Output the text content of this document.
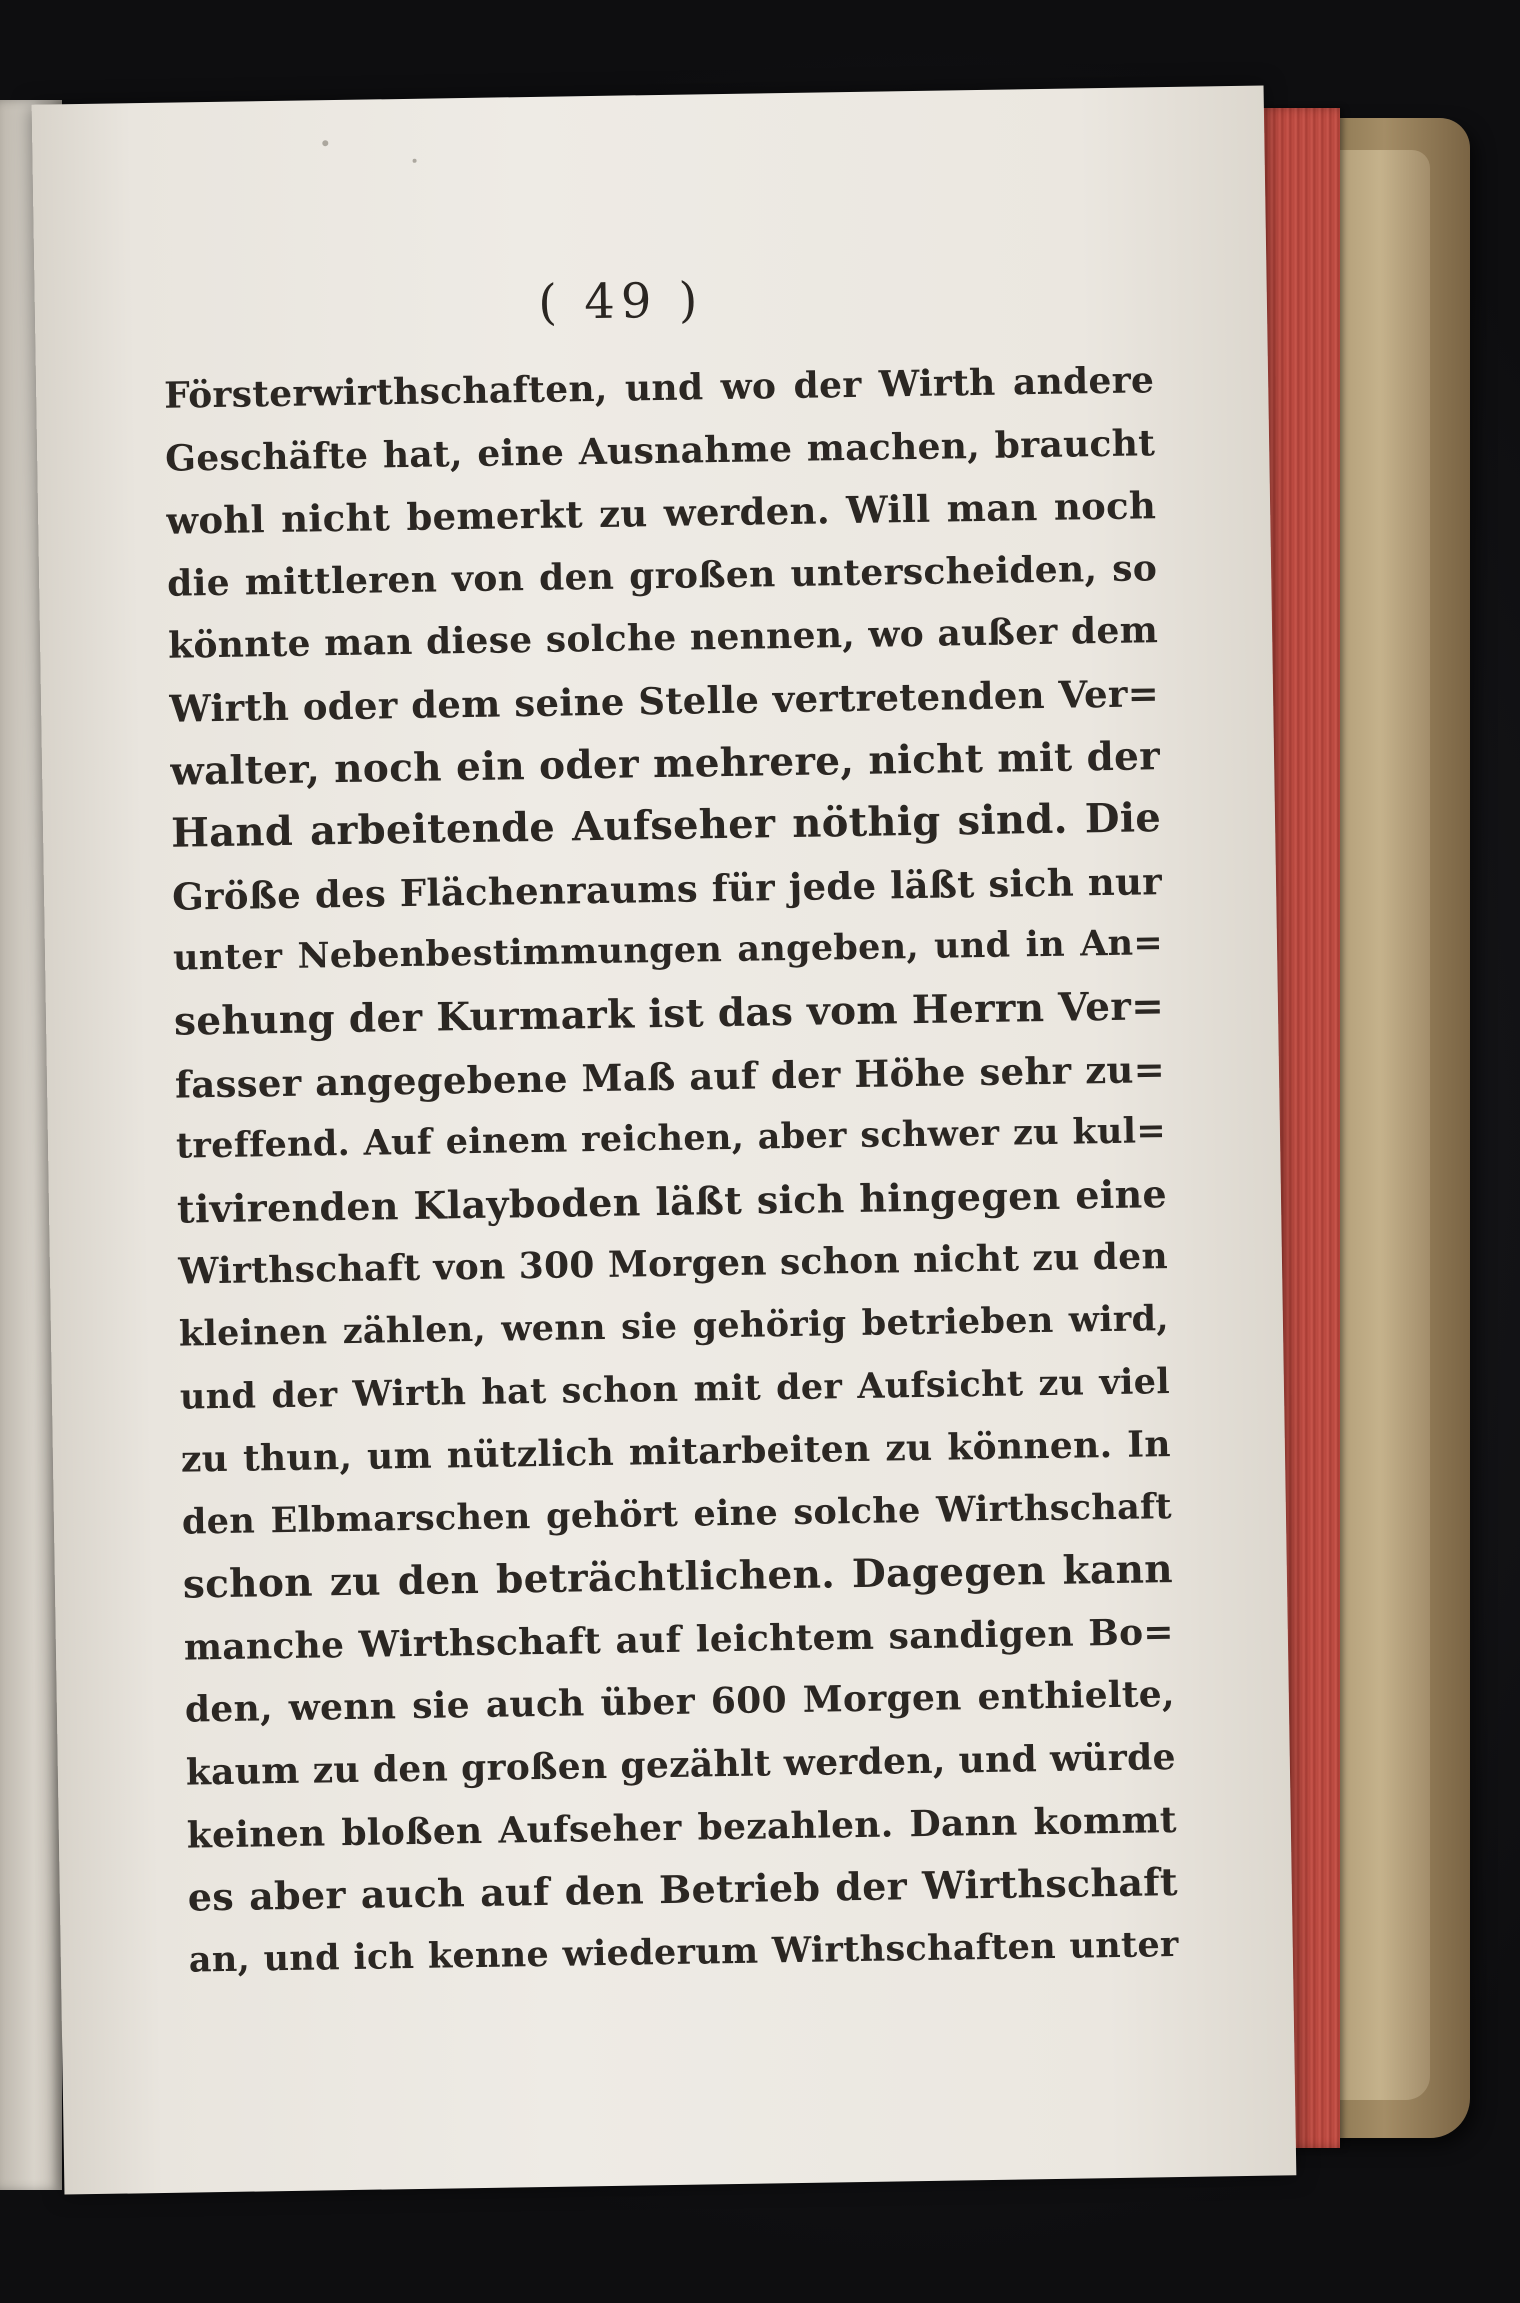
( 49 )
Försterwirthschaften, und wo der Wirth andere
Geschäfte hat, eine Ausnahme machen, braucht
wohl nicht bemerkt zu werden. Will man noch
die mittleren von den großen unterscheiden, so
könnte man diese solche nennen, wo außer dem
Wirth oder dem seine Stelle vertretenden Ver=
walter, noch ein oder mehrere, nicht mit der
Hand arbeitende Aufseher nöthig sind. Die
Größe des Flächenraums für jede läßt sich nur
unter Nebenbestimmungen angeben, und in An=
sehung der Kurmark ist das vom Herrn Ver=
fasser angegebene Maß auf der Höhe sehr zu=
treffend. Auf einem reichen, aber schwer zu kul=
tivirenden Klayboden läßt sich hingegen eine
Wirthschaft von 300 Morgen schon nicht zu den
kleinen zählen, wenn sie gehörig betrieben wird,
und der Wirth hat schon mit der Aufsicht zu viel
zu thun, um nützlich mitarbeiten zu können. In
den Elbmarschen gehört eine solche Wirthschaft
schon zu den beträchtlichen. Dagegen kann
manche Wirthschaft auf leichtem sandigen Bo=
den, wenn sie auch über 600 Morgen enthielte,
kaum zu den großen gezählt werden, und würde
keinen bloßen Aufseher bezahlen. Dann kommt
es aber auch auf den Betrieb der Wirthschaft
an, und ich kenne wiederum Wirthschaften unter
